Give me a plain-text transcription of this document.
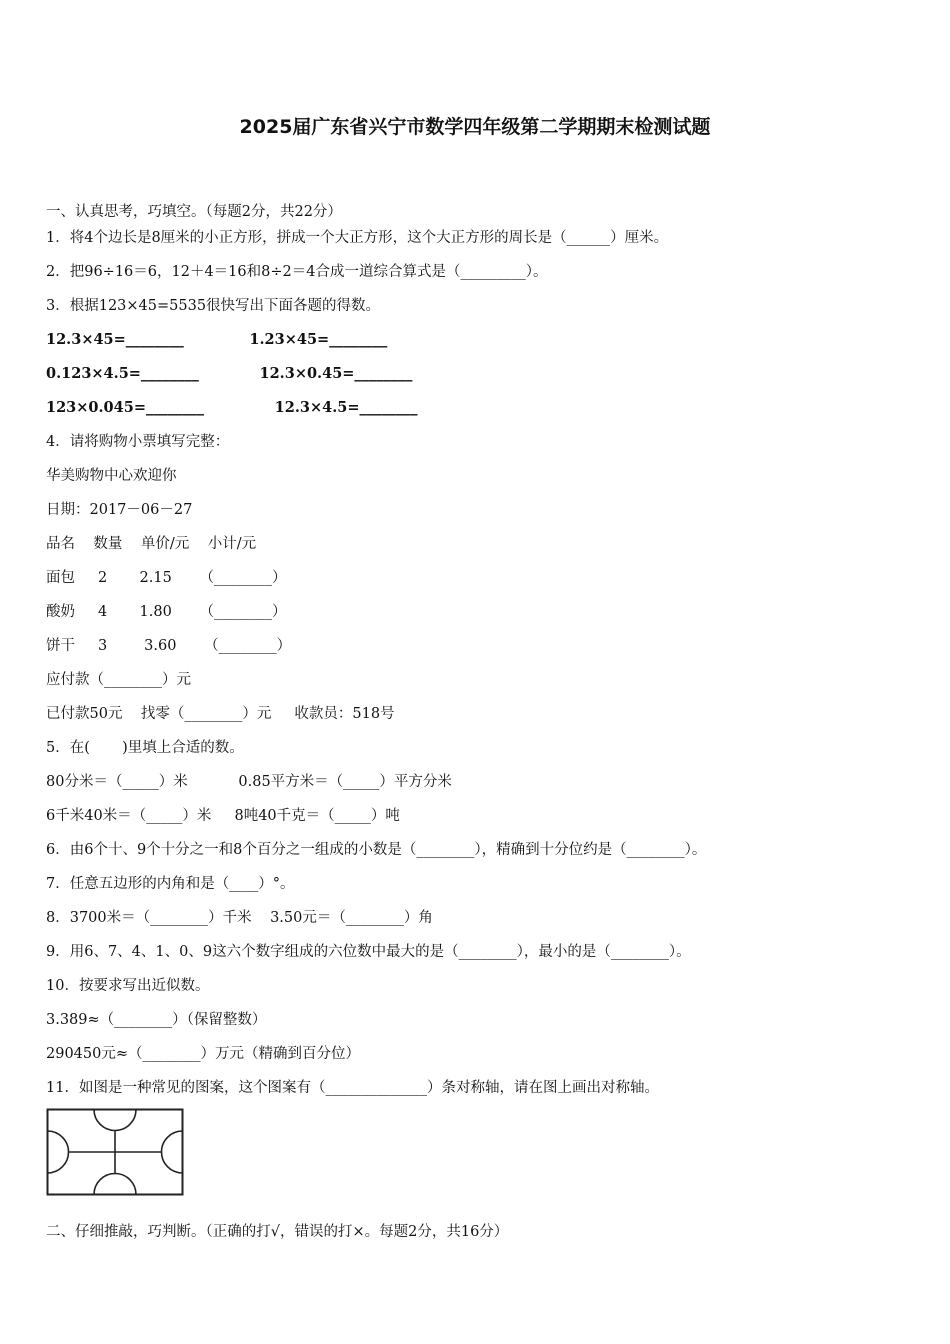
2025届广东省兴宁市数学四年级第二学期期末检测试题
一、认真思考，巧填空。（每题2分，共22分）
1．将4个边长是8厘米的小正方形，拼成一个大正方形，这个大正方形的周长是（______）厘米。
2．把96÷16＝6，12＋4＝16和8÷2＝4合成一道综合算式是（_________）。
3．根据123×45=5535很快写出下面各题的得数。
12.3×45=________             1.23×45=________
0.123×4.5=________            12.3×0.45=________
123×0.045=________              12.3×4.5=________
4．请将购物小票填写完整：
华美购物中心欢迎你
日期：2017－06－27
品名    数量    单价/元    小计/元
面包     2       2.15      （________）
酸奶     4       1.80      （________）
饼干     3        3.60      （________）
应付款（________）元
已付款50元    找零（________）元     收款员：518号
5．在(       )里填上合适的数。
80分米＝（_____）米           0.85平方米＝（_____）平方分米
6千米40米＝（_____）米     8吨40千克＝（_____）吨
6．由6个十、9个十分之一和8个百分之一组成的小数是（________），精确到十分位约是（________）。
7．任意五边形的内角和是（____）°。
8．3700米＝（________）千米    3.50元＝（________）角
9．用6、7、4、1、0、9这六个数字组成的六位数中最大的是（________），最小的是（________）。
10．按要求写出近似数。
3.389≈（________）（保留整数）
290450元≈（________）万元（精确到百分位）
11．如图是一种常见的图案，这个图案有（______________）条对称轴，请在图上画出对称轴。
二、仔细推敲，巧判断。（正确的打√，错误的打×。每题2分，共16分）
